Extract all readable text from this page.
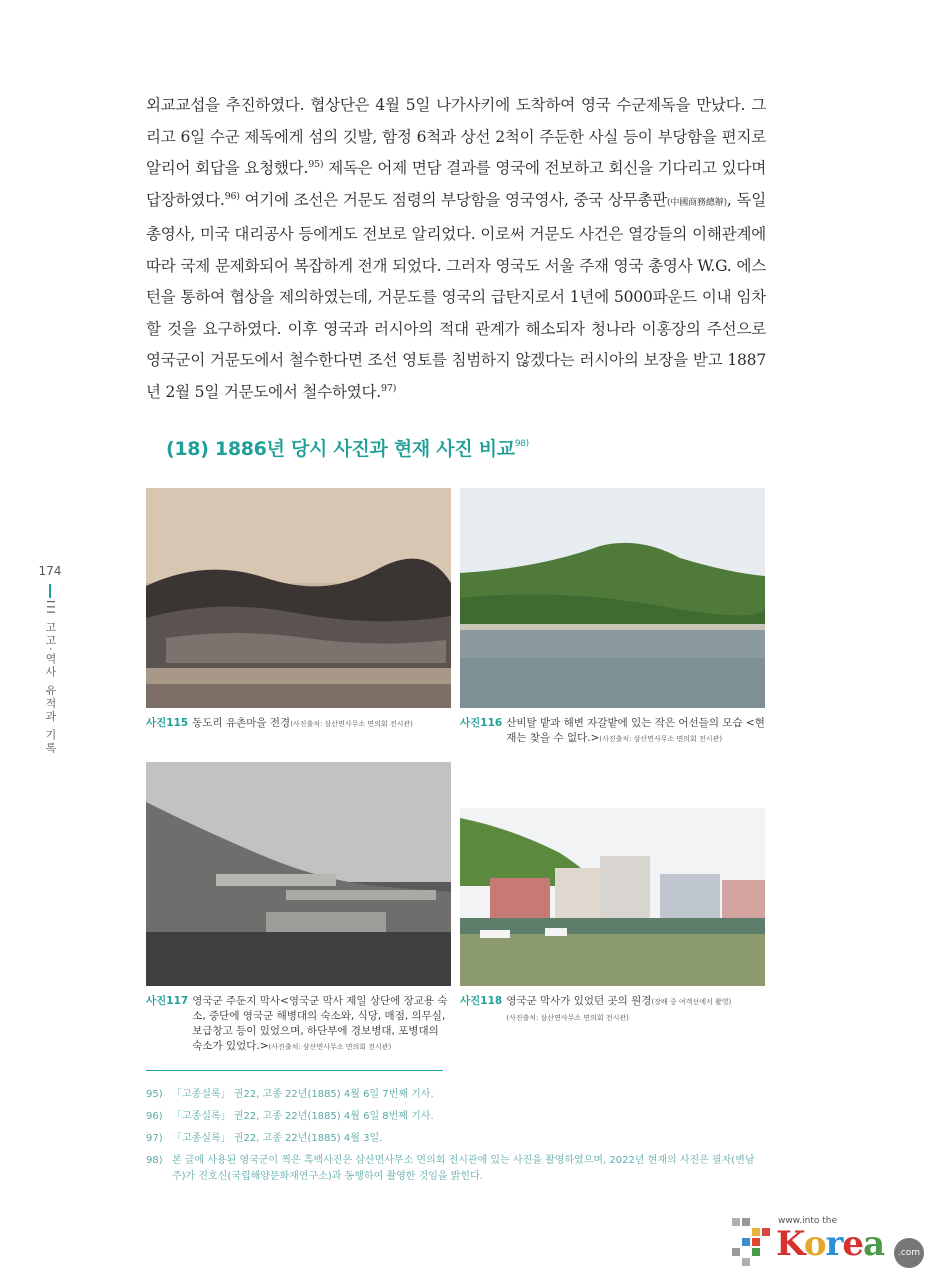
외교교섭을 추진하였다. 협상단은 4월 5일 나가사키에 도착하여 영국 수군제독을 만났다. 그리고 6일 수군 제독에게 섬의 깃발, 함정 6척과 상선 2척이 주둔한 사실 등이 부당함을 편지로알리어 회답을 요청했다.$^{95)}$ 제독은 어제 면담 결과를 영국에 전보하고 회신을 기다리고 있다며 답장하였다.$^{96)}$ 여기에 조선은 거문도 점령의 부당함을 영국영사, 중국 상무총판(中國商務總辦), 독일 총영사, 미국 대리공사 등에게도 전보로 알리었다. 이로써 거문도 사건은 열강들의 이해관계에 따라 국제 문제화되어 복잡하게 전개 되었다. 그러자 영국도 서울 주재 영국 총영사 W.G. 에스턴을 통하여 협상을 제의하였는데, 거문도를 영국의 급탄지로서 1년에 5000파운드 이내 임차할 것을 요구하였다. 이후 영국과 러시아의 적대 관계가 해소되자 청나라 이홍장의 주선으로 영국군이 거문도에서 철수한다면 조선 영토를 침범하지 않겠다는 러시아의 보장을 받고 1887년 2월 5일 거문도에서 철수하였다.$^{97)}$

(18) 1886년 당시 사진과 현재 사진 비교$^{98)}$
174
III 고고·역사 유적과 기록	사진115 동도리 유촌마을 전경(사진출처: 삼산면사무소 면의회 전시관)	사진116 산비탈 밭과 해변 자갈밭에 있는 작은 어선들의 모습 <현재는 찾을 수 없다.>(사진출처: 삼산면사무소 면의회 전시관)
사진117 영국군 주둔지 막사<영국군 막사 제일 상단에 장교용 숙소, 중단에 영국군 해병대의 숙소와, 식당, 매점, 의무실, 보급창고 등이 있었으며, 하단부에 경보병대, 포병대의 숙소가 있었다.>(사진출처: 삼산면사무소 면의회 전시관)
사진118 영국군 막사가 있었던 곳의 원경(장배 중 여객선에서 촬영)
(사진출처: 삼산면사무소 면의회 전시관)
95) 「고종실록」 권22, 고종 22년(1885) 4월 6일 7번째 기사.
96) 「고종실록」 권22, 고종 22년(1885) 4월 6일 8번째 기사.
97) 「고종실록」 권22, 고종 22년(1885) 4월 3일.
98) 본 글에 사용된 영국군이 찍은 흑백사진은 삼산면사무소 면의회 전시관에 있는 사진을 촬영하였으며, 2022년 현재의 사진은 필자(변남주)가 진호신(국립해양문화재연구소)과 동행하여 촬영한 것임을 밝힌다.
www.into the
Korea	.com
